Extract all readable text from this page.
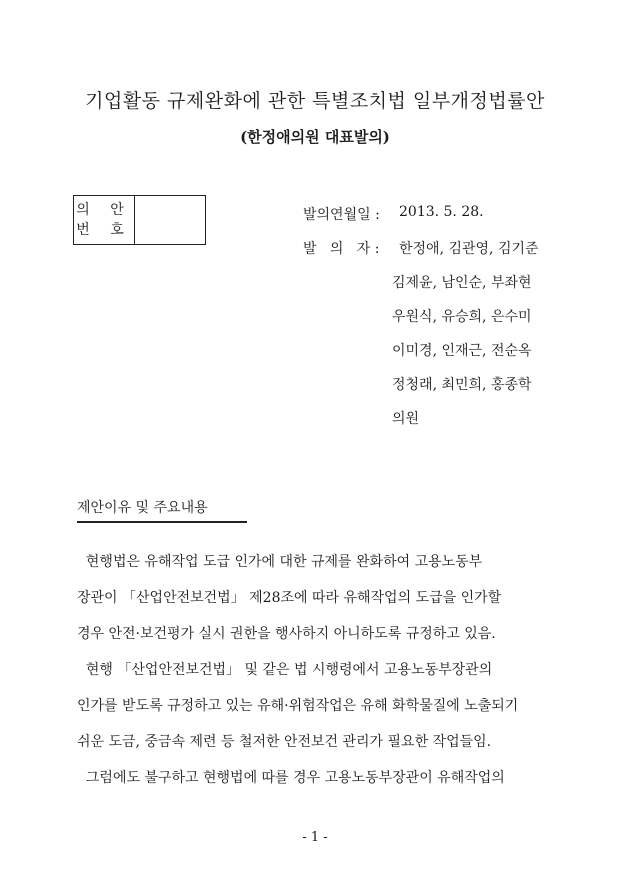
기업활동 규제완화에 관한 특별조치법 일부개정법률안
(한정애의원 대표발의)
의 안
번 호
발의연월일 : 2013. 5. 28.
발   의   자 : 한정애, 김관영, 김기준
김제윤, 남인순, 부좌현
우원식, 유승희, 은수미
이미경, 인재근, 전순옥
정청래, 최민희, 홍종학
의원
제안이유 및 주요내용
현행법은 유해작업 도급 인가에 대한 규제를 완화하여 고용노동부
장관이 「산업안전보건법」 제28조에 따라 유해작업의 도급을 인가할
경우 안전·보건평가 실시 권한을 행사하지 아니하도록 규정하고 있음.
현행 「산업안전보건법」 및 같은 법 시행령에서 고용노동부장관의
인가를 받도록 규정하고 있는 유해·위험작업은 유해 화학물질에 노출되기
쉬운 도금, 중금속 제련 등 철저한 안전보건 관리가 필요한 작업들임.
그럼에도 불구하고 현행법에 따를 경우 고용노동부장관이 유해작업의
- 1 -
